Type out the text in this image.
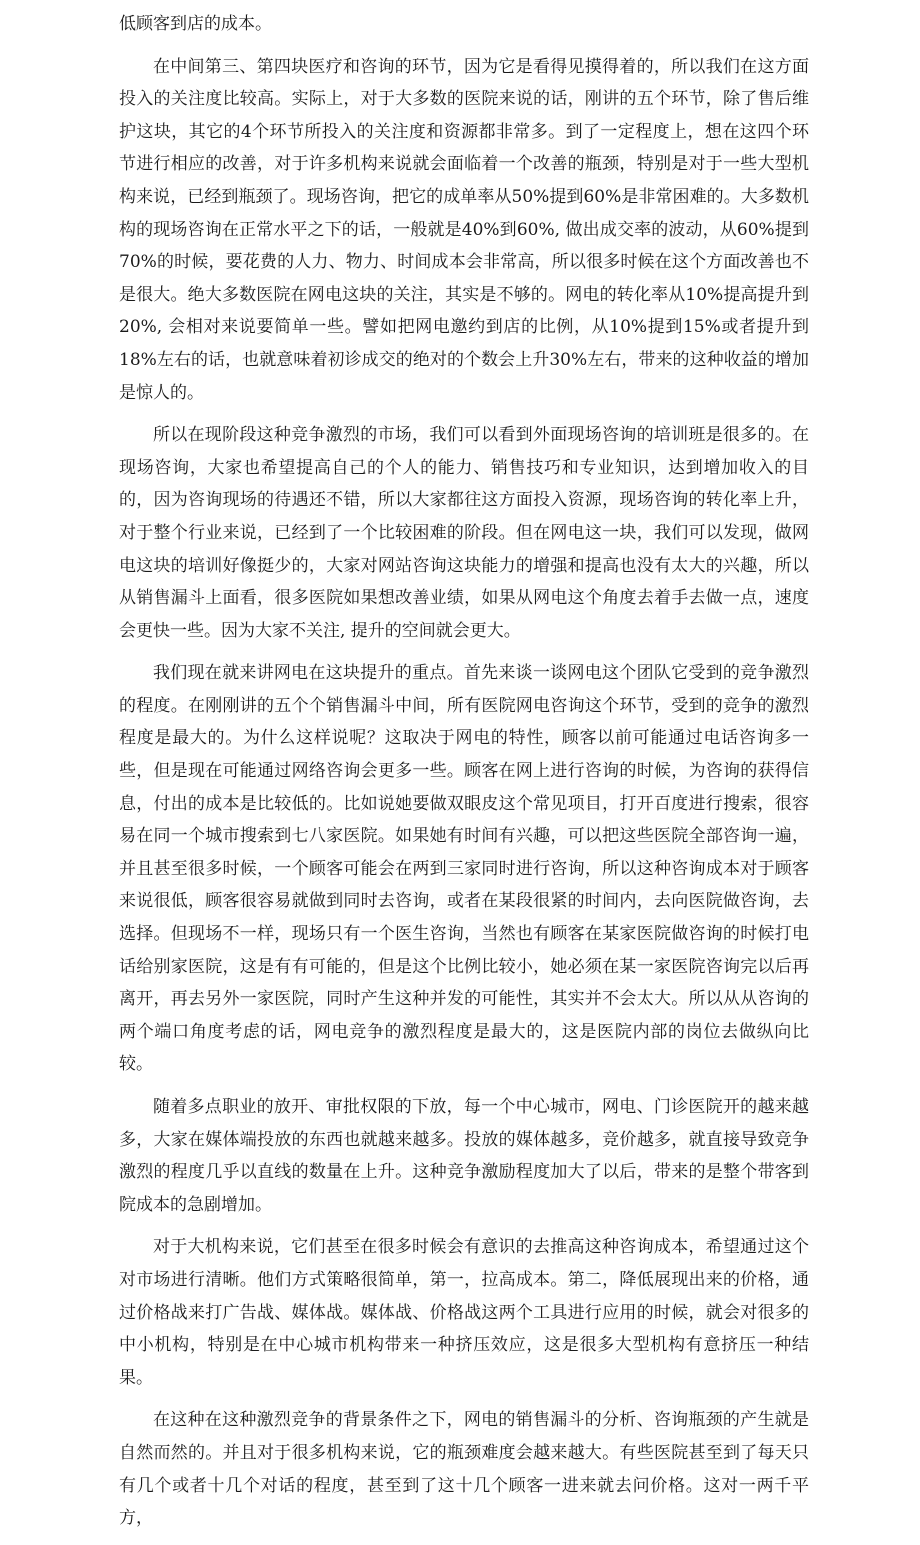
低顾客到店的成本。

在中间第三、第四块医疗和咨询的环节，因为它是看得见摸得着的，所以我们在这方面投入的关注度比较高。实际上，对于大多数的医院来说的话，刚讲的五个环节，除了售后维护这块，其它的4个环节所投入的关注度和资源都非常多。到了一定程度上，想在这四个环节进行相应的改善，对于许多机构来说就会面临着一个改善的瓶颈，特别是对于一些大型机构来说，已经到瓶颈了。现场咨询，把它的成单率从50%提到60%是非常困难的。大多数机构的现场咨询在正常水平之下的话，一般就是40%到60%, 做出成交率的波动，从60%提到70%的时候，要花费的人力、物力、时间成本会非常高，所以很多时候在这个方面改善也不是很大。绝大多数医院在网电这块的关注，其实是不够的。网电的转化率从10%提高提升到20%, 会相对来说要简单一些。譬如把网电邀约到店的比例，从10%提到15%或者提升到18%左右的话，也就意味着初诊成交的绝对的个数会上升30%左右，带来的这种收益的增加是惊人的。

所以在现阶段这种竞争激烈的市场，我们可以看到外面现场咨询的培训班是很多的。在现场咨询，大家也希望提高自己的个人的能力、销售技巧和专业知识，达到增加收入的目的，因为咨询现场的待遇还不错，所以大家都往这方面投入资源，现场咨询的转化率上升，对于整个行业来说，已经到了一个比较困难的阶段。但在网电这一块，我们可以发现，做网电这块的培训好像挺少的，大家对网站咨询这块能力的增强和提高也没有太大的兴趣，所以从销售漏斗上面看，很多医院如果想改善业绩，如果从网电这个角度去着手去做一点，速度会更快一些。因为大家不关注, 提升的空间就会更大。

我们现在就来讲网电在这块提升的重点。首先来谈一谈网电这个团队它受到的竞争激烈的程度。在刚刚讲的五个个销售漏斗中间，所有医院网电咨询这个环节，受到的竞争的激烈程度是最大的。为什么这样说呢？这取决于网电的特性，顾客以前可能通过电话咨询多一些，但是现在可能通过网络咨询会更多一些。顾客在网上进行咨询的时候，为咨询的获得信息，付出的成本是比较低的。比如说她要做双眼皮这个常见项目，打开百度进行搜索，很容易在同一个城市搜索到七八家医院。如果她有时间有兴趣，可以把这些医院全部咨询一遍，并且甚至很多时候，一个顾客可能会在两到三家同时进行咨询，所以这种咨询成本对于顾客来说很低，顾客很容易就做到同时去咨询，或者在某段很紧的时间内，去向医院做咨询，去选择。但现场不一样，现场只有一个医生咨询，当然也有顾客在某家医院做咨询的时候打电话给别家医院，这是有有可能的，但是这个比例比较小，她必须在某一家医院咨询完以后再离开，再去另外一家医院，同时产生这种并发的可能性，其实并不会太大。所以从从咨询的两个端口角度考虑的话，网电竞争的激烈程度是最大的，这是医院内部的岗位去做纵向比较。

随着多点职业的放开、审批权限的下放，每一个中心城市，网电、门诊医院开的越来越多，大家在媒体端投放的东西也就越来越多。投放的媒体越多，竞价越多，就直接导致竞争激烈的程度几乎以直线的数量在上升。这种竞争激励程度加大了以后，带来的是整个带客到院成本的急剧增加。

对于大机构来说，它们甚至在很多时候会有意识的去推高这种咨询成本，希望通过这个对市场进行清晰。他们方式策略很简单，第一，拉高成本。第二，降低展现出来的价格，通过价格战来打广告战、媒体战。媒体战、价格战这两个工具进行应用的时候，就会对很多的中小机构，特别是在中心城市机构带来一种挤压效应，这是很多大型机构有意挤压一种结果。

在这种在这种激烈竞争的背景条件之下，网电的销售漏斗的分析、咨询瓶颈的产生就是自然而然的。并且对于很多机构来说，它的瓶颈难度会越来越大。有些医院甚至到了每天只有几个或者十几个对话的程度，甚至到了这十几个顾客一进来就去问价格。这对一两千平方，
